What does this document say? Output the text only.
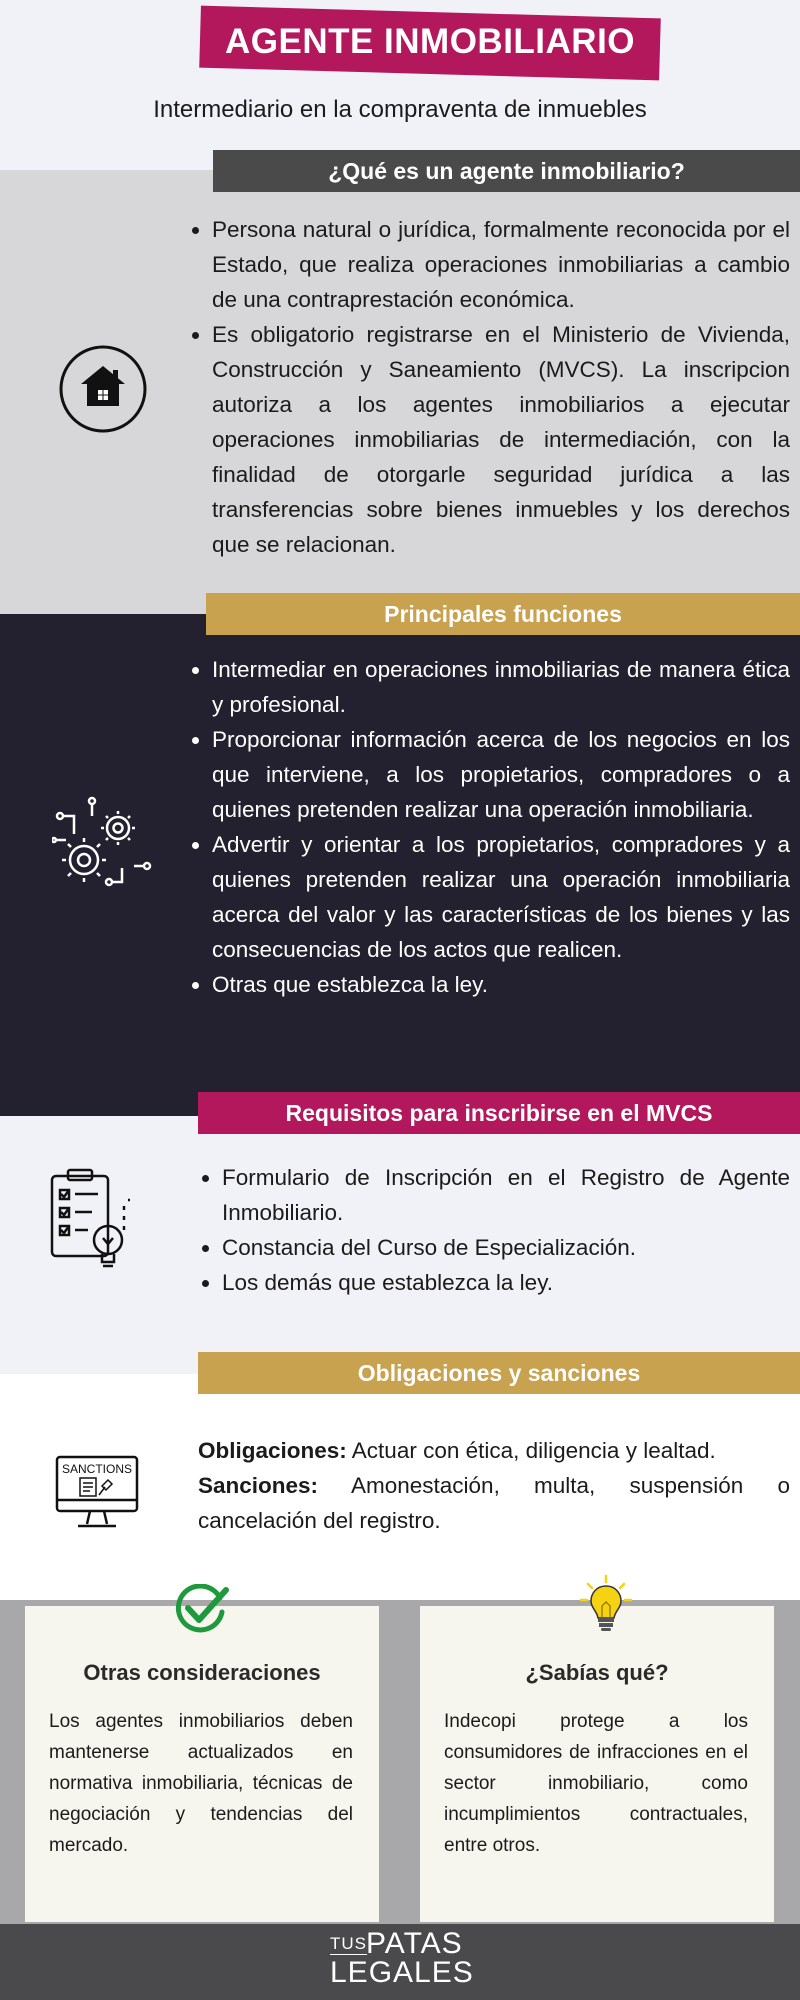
AGENTE INMOBILIARIO
Intermediario en la compraventa de inmuebles
¿Qué es un agente inmobiliario?
• Persona natural o jurídica, formalmente reconocida por el Estado, que realiza operaciones inmobiliarias a cambio de una contraprestación económica.
• Es obligatorio registrarse en el Ministerio de Vivienda, Construcción y Saneamiento (MVCS). La inscripcion autoriza a los agentes inmobiliarios a ejecutar operaciones inmobiliarias de intermediación, con la finalidad de otorgarle seguridad jurídica a las transferencias sobre bienes inmuebles y los derechos que se relacionan.
Principales funciones
• Intermediar en operaciones inmobiliarias de manera ética y profesional.
• Proporcionar información acerca de los negocios en los que interviene, a los propietarios, compradores o a quienes pretenden realizar una operación inmobiliaria.
• Advertir y orientar a los propietarios, compradores y a quienes pretenden realizar una operación inmobiliaria acerca del valor y las características de los bienes y las consecuencias de los actos que realicen.
• Otras que establezca la ley.
Requisitos para inscribirse en el MVCS
• Formulario de Inscripción en el Registro de Agente Inmobiliario.
• Constancia del Curso de Especialización.
• Los demás que establezca la ley.
Obligaciones y sanciones
SANCTIONS
Obligaciones: Actuar con ética, diligencia y lealtad.
Sanciones: Amonestación, multa, suspensión o cancelación del registro.
Otras consideraciones
Los agentes inmobiliarios deben mantenerse actualizados en normativa inmobiliaria, técnicas de negociación y tendencias del mercado.
¿Sabías qué?
Indecopi protege a los consumidores de infracciones en el sector inmobiliario, como incumplimientos contractuales, entre otros.
TUS PATAS
LEGALES
